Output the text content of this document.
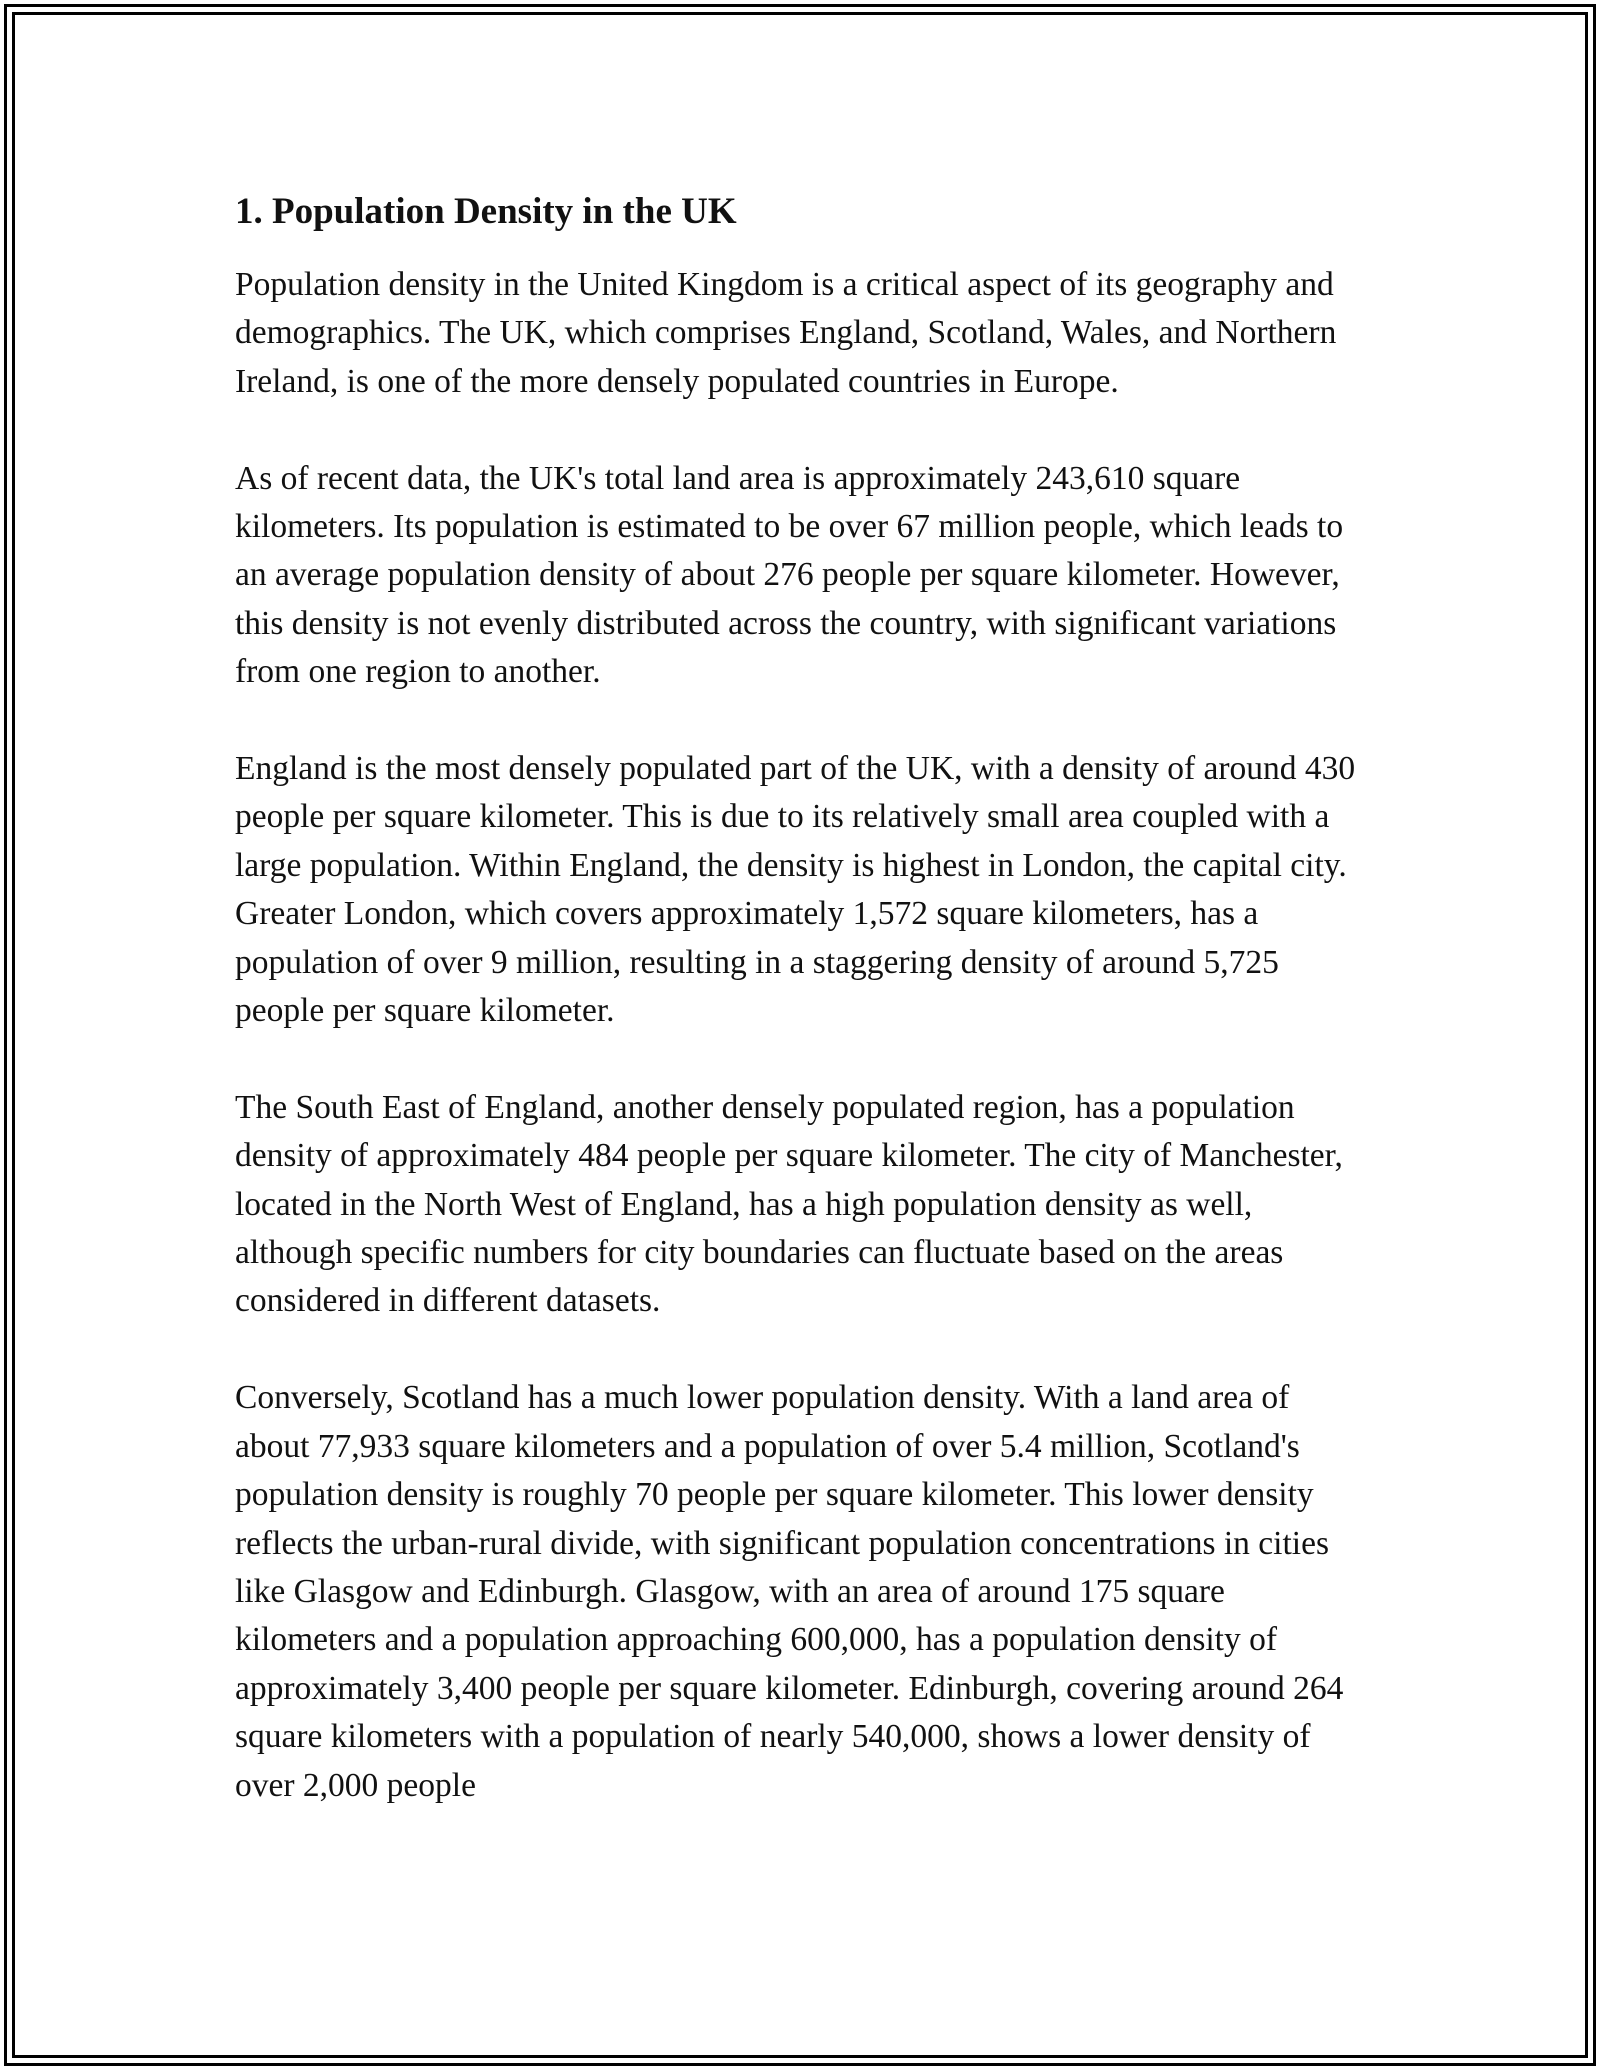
1. Population Density in the UK

Population density in the United Kingdom is a critical aspect of its geography and demographics. The UK, which comprises England, Scotland, Wales, and Northern Ireland, is one of the more densely populated countries in Europe.

As of recent data, the UK's total land area is approximately 243,610 square kilometers. Its population is estimated to be over 67 million people, which leads to an average population density of about 276 people per square kilometer. However, this density is not evenly distributed across the country, with significant variations from one region to another.

England is the most densely populated part of the UK, with a density of around 430 people per square kilometer. This is due to its relatively small area coupled with a large population. Within England, the density is highest in London, the capital city. Greater London, which covers approximately 1,572 square kilometers, has a population of over 9 million, resulting in a staggering density of around 5,725 people per square kilometer.

The South East of England, another densely populated region, has a population density of approximately 484 people per square kilometer. The city of Manchester, located in the North West of England, has a high population density as well, although specific numbers for city boundaries can fluctuate based on the areas considered in different datasets.

Conversely, Scotland has a much lower population density. With a land area of about 77,933 square kilometers and a population of over 5.4 million, Scotland's population density is roughly 70 people per square kilometer. This lower density reflects the urban-rural divide, with significant population concentrations in cities like Glasgow and Edinburgh. Glasgow, with an area of around 175 square kilometers and a population approaching 600,000, has a population density of approximately 3,400 people per square kilometer. Edinburgh, covering around 264 square kilometers with a population of nearly 540,000, shows a lower density of over 2,000 people
